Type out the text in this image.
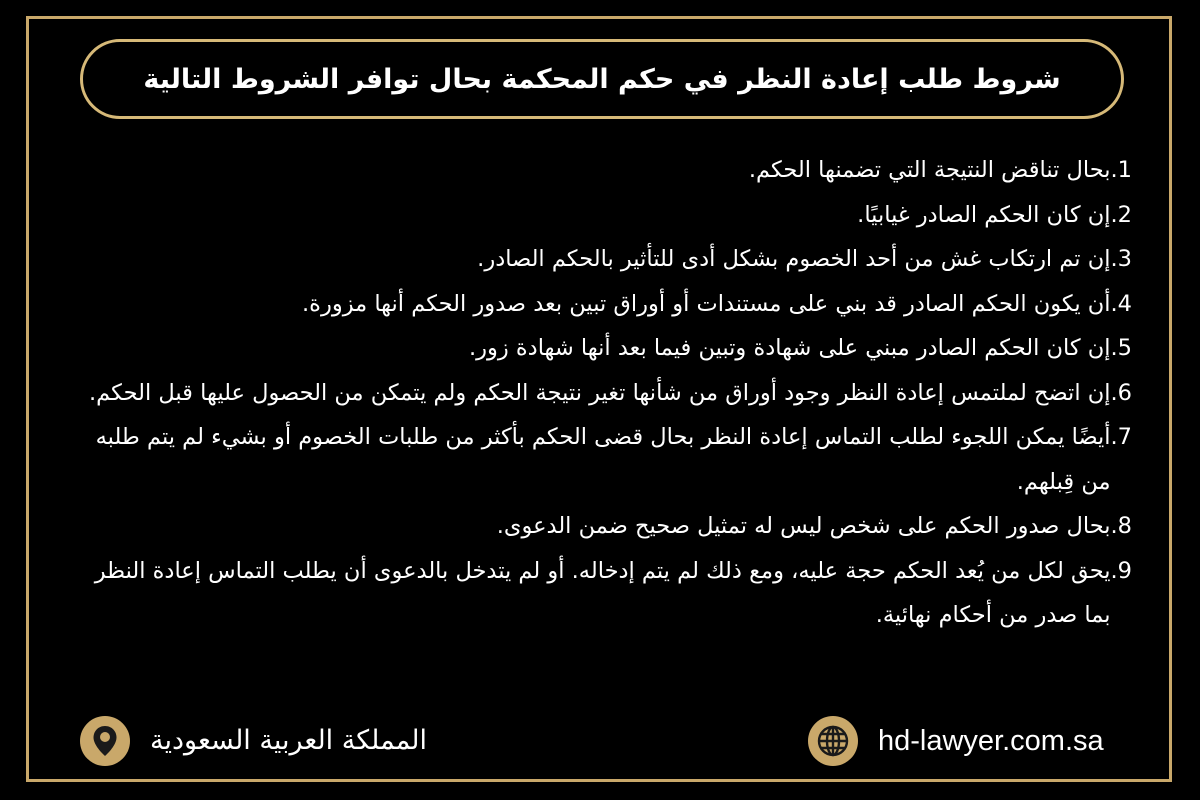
شروط طلب إعادة النظر في حكم المحكمة بحال توافر الشروط التالية
1.
بحال تناقض النتيجة التي تضمنها الحكم.
2.
إن كان الحكم الصادر غيابيًا.
3.
إن تم ارتكاب غش من أحد الخصوم بشكل أدى للتأثير بالحكم الصادر.
4.
أن يكون الحكم الصادر قد بني على مستندات أو أوراق تبين بعد صدور الحكم أنها مزورة.
5.
إن كان الحكم الصادر مبني على شهادة وتبين فيما بعد أنها شهادة زور.
6.
إن اتضح لملتمس إعادة النظر وجود أوراق من شأنها تغير نتيجة الحكم ولم يتمكن من الحصول عليها قبل الحكم.
7.
أيضًا يمكن اللجوء لطلب التماس إعادة النظر بحال قضى الحكم بأكثر من طلبات الخصوم أو بشيء لم يتم طلبه من قِبلهم.
8.
بحال صدور الحكم على شخص ليس له تمثيل صحيح ضمن الدعوى.
9.
يحق لكل من يُعد الحكم حجة عليه، ومع ذلك لم يتم إدخاله. أو لم يتدخل بالدعوى أن يطلب التماس إعادة النظر بما صدر من أحكام نهائية.
المملكة العربية السعودية	hd-lawyer.com.sa
